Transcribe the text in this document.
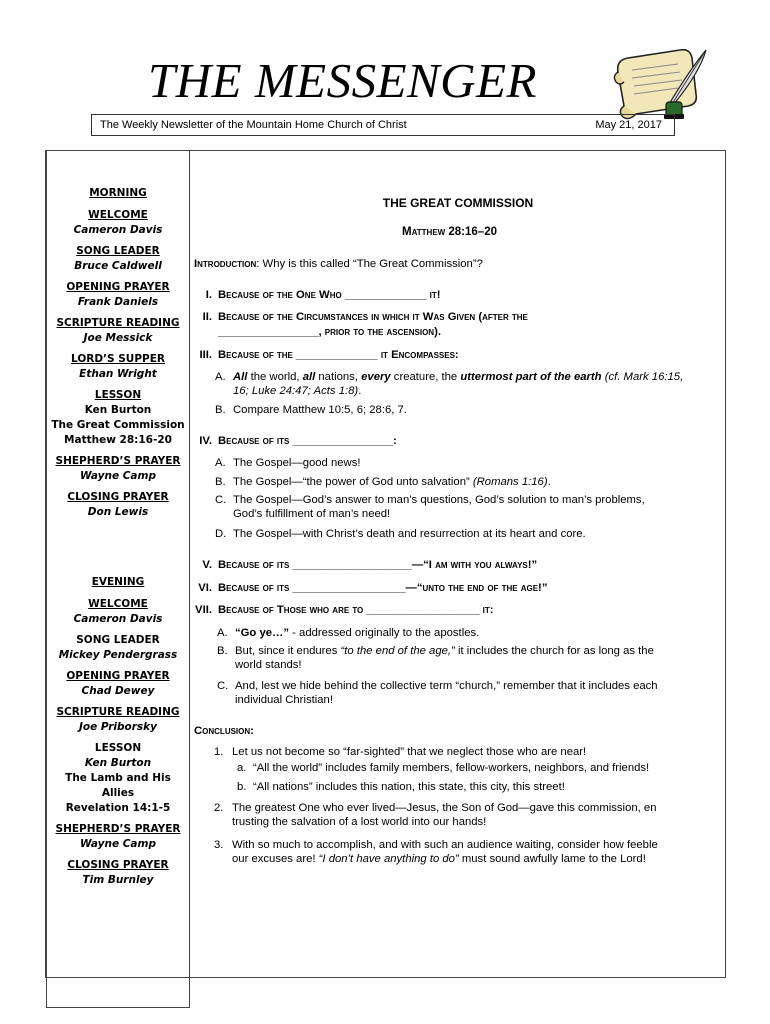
THE MESSENGER
The Weekly Newsletter of the Mountain Home Church of Christ	May 21, 2017
MORNING
WELCOME
Cameron Davis
SONG LEADER
Bruce Caldwell
OPENING PRAYER
Frank Daniels
SCRIPTURE READING
Joe Messick
LORD’S SUPPER
Ethan Wright
LESSON
Ken Burton
The Great Commission
Matthew 28:16-20
SHEPHERD’S PRAYER
Wayne Camp
CLOSING PRAYER
Don Lewis
EVENING
WELCOME
Cameron Davis
SONG LEADER
Mickey Pendergrass
OPENING PRAYER
Chad Dewey
SCRIPTURE READING
Joe Priborsky
LESSON
Ken Burton
The Lamb and His Allies
Revelation 14:1-5
SHEPHERD’S PRAYER
Wayne Camp
CLOSING PRAYER
Tim Burnley
THE GREAT COMMISSION
Matthew 28:16–20
Introduction: Why is this called “The Great Commission”?
I. Because of the One Who _____________ it!
II. Because of the Circumstances in which it Was Given (after the
________________, prior to the ascension).
III. Because of the _____________ it Encompasses:
A. All the world, all nations, every creature, the uttermost part of the earth (cf. Mark 16:15,
16; Luke 24:47; Acts 1:8).
B. Compare Matthew 10:5, 6; 28:6, 7.
IV. Because of its ________________:
A. The Gospel—good news!
B. The Gospel—“the power of God unto salvation” (Romans 1:16).
C. The Gospel—God’s answer to man’s questions, God’s solution to man’s problems,
God’s fulfillment of man’s need!
D. The Gospel—with Christ’s death and resurrection at its heart and core.
V. Because of its ___________________—“I am with you always!”
VI. Because of its __________________—“unto the end of the age!”
VII. Because of Those who are to __________________ it:
A. “Go ye…” - addressed originally to the apostles.
B. But, since it endures “to the end of the age,” it includes the church for as long as the
world stands!
C. And, lest we hide behind the collective term “church,” remember that it includes each
individual Christian!
Conclusion:
1. Let us not become so “far-sighted” that we neglect those who are near!
a. “All the world” includes family members, fellow-workers, neighbors, and friends!
b. “All nations” includes this nation, this state, this city, this street!
2. The greatest One who ever lived—Jesus, the Son of God—gave this commission, en
trusting the salvation of a lost world into our hands!
3. With so much to accomplish, and with such an audience waiting, consider how feeble
our excuses are! “I don’t have anything to do” must sound awfully lame to the Lord!
